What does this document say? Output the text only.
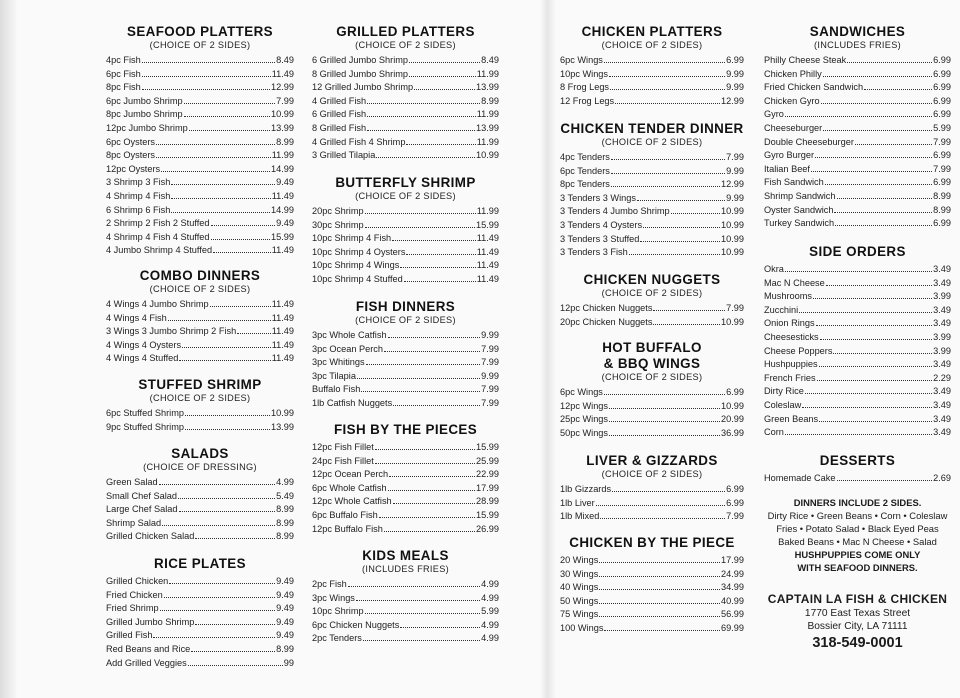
SEAFOOD PLATTERS
(CHOICE OF 2 SIDES)
4pc Fish	8.49
6pc Fish	11.49
8pc Fish	12.99
6pc Jumbo Shrimp	7.99
8pc Jumbo Shrimp	10.99
12pc Jumbo Shrimp	13.99
6pc Oysters	8.99
8pc Oysters	11.99
12pc Oysters	14.99
3 Shrimp 3 Fish	9.49
4 Shrimp 4 Fish	11.49
6 Shrimp 6 Fish	14.99
2 Shrimp 2 Fish 2 Stuffed	9.49
4 Shrimp 4 Fish 4 Stuffed	15.99
4 Jumbo Shrimp 4 Stuffed	11.49
COMBO DINNERS
(CHOICE OF 2 SIDES)
4 Wings 4 Jumbo Shrimp	11.49
4 Wings 4 Fish	11.49
3 Wings 3 Jumbo Shrimp 2 Fish	11.49
4 Wings 4 Oysters	11.49
4 Wings 4 Stuffed	11.49
STUFFED SHRIMP
(CHOICE OF 2 SIDES)
6pc Stuffed Shrimp	10.99
9pc Stuffed Shrimp	13.99
SALADS
(CHOICE OF DRESSING)
Green Salad	4.99
Small Chef Salad	5.49
Large Chef Salad	8.99
Shrimp Salad	8.99
Grilled Chicken Salad	8.99
RICE PLATES
Grilled Chicken	9.49
Fried Chicken	9.49
Fried Shrimp	9.49
Grilled Jumbo Shrimp	9.49
Grilled Fish	9.49
Red Beans and Rice	8.99
Add Grilled Veggies	99
GRILLED PLATTERS
(CHOICE OF 2 SIDES)
6 Grilled Jumbo Shrimp	8.49
8 Grilled Jumbo Shrimp	11.99
12 Grilled Jumbo Shrimp	13.99
4 Grilled Fish	8.99
6 Grilled Fish	11.99
8 Grilled Fish	13.99
4 Grilled Fish 4 Shrimp	11.99
3 Grilled Tilapia	10.99
BUTTERFLY SHRIMP
(CHOICE OF 2 SIDES)
20pc Shrimp	11.99
30pc Shrimp	15.99
10pc Shrimp 4 Fish	11.49
10pc Shrimp 4 Oysters	11.49
10pc Shrimp 4 Wings	11.49
10pc Shrimp 4 Stuffed	11.49
FISH DINNERS
(CHOICE OF 2 SIDES)
3pc Whole Catfish	9.99
3pc Ocean Perch	7.99
3pc Whitings	7.99
3pc Tilapia	9.99
Buffalo Fish	7.99
1lb Catfish Nuggets	7.99
FISH BY THE PIECES
12pc Fish Fillet	15.99
24pc Fish Fillet	25.99
12pc Ocean Perch	22.99
6pc Whole Catfish	17.99
12pc Whole Catfish	28.99
6pc Buffalo Fish	15.99
12pc Buffalo Fish	26.99
KIDS MEALS
(INCLUDES FRIES)
2pc Fish	4.99
3pc Wings	4.99
10pc Shrimp	5.99
6pc Chicken Nuggets	4.99
2pc Tenders	4.99
CHICKEN PLATTERS
(CHOICE OF 2 SIDES)
6pc Wings	6.99
10pc Wings	9.99
8 Frog Legs	9.99
12 Frog Legs	12.99
CHICKEN TENDER DINNER
(CHOICE OF 2 SIDES)
4pc Tenders	7.99
6pc Tenders	9.99
8pc Tenders	12.99
3 Tenders 3 Wings	9.99
3 Tenders 4 Jumbo Shrimp	10.99
3 Tenders 4 Oysters	10.99
3 Tenders 3 Stuffed	10.99
3 Tenders 3 Fish	10.99
CHICKEN NUGGETS
(CHOICE OF 2 SIDES)
12pc Chicken Nuggets	7.99
20pc Chicken Nuggets	10.99
HOT BUFFALO
& BBQ WINGS
(CHOICE OF 2 SIDES)
6pc Wings	6.99
12pc Wings	10.99
25pc Wings	20.99
50pc Wings	36.99
LIVER & GIZZARDS
(CHOICE OF 2 SIDES)
1lb Gizzards	6.99
1lb Liver	6.99
1lb Mixed	7.99
CHICKEN BY THE PIECE
20 Wings	17.99
30 Wings	24.99
40 Wings	34.99
50 Wings	40.99
75 Wings	56.99
100 Wings	69.99
SANDWICHES
(INCLUDES FRIES)
Philly Cheese Steak	6.99
Chicken Philly	6.99
Fried Chicken Sandwich	6.99
Chicken Gyro	6.99
Gyro	6.99
Cheeseburger	5.99
Double Cheeseburger	7.99
Gyro Burger	6.99
Italian Beef	7.99
Fish Sandwich	6.99
Shrimp Sandwich	8.99
Oyster Sandwich	8.99
Turkey Sandwich	6.99
SIDE ORDERS
Okra	3.49
Mac N Cheese	3.49
Mushrooms	3.99
Zucchini	3.49
Onion Rings	3.49
Cheesesticks	3.99
Cheese Poppers	3.99
Hushpuppies	3.49
French Fries	2.29
Dirty Rice	3.49
Coleslaw	3.49
Green Beans	3.49
Corn	3.49
DESSERTS
Homemade Cake	2.69
DINNERS INCLUDE 2 SIDES.
Dirty Rice • Green Beans • Corn • Coleslaw
Fries • Potato Salad • Black Eyed Peas
Baked Beans • Mac N Cheese • Salad
HUSHPUPPIES COME ONLY
WITH SEAFOOD DINNERS.
CAPTAIN LA FISH & CHICKEN
1770 East Texas Street
Bossier City, LA 71111
318-549-0001
